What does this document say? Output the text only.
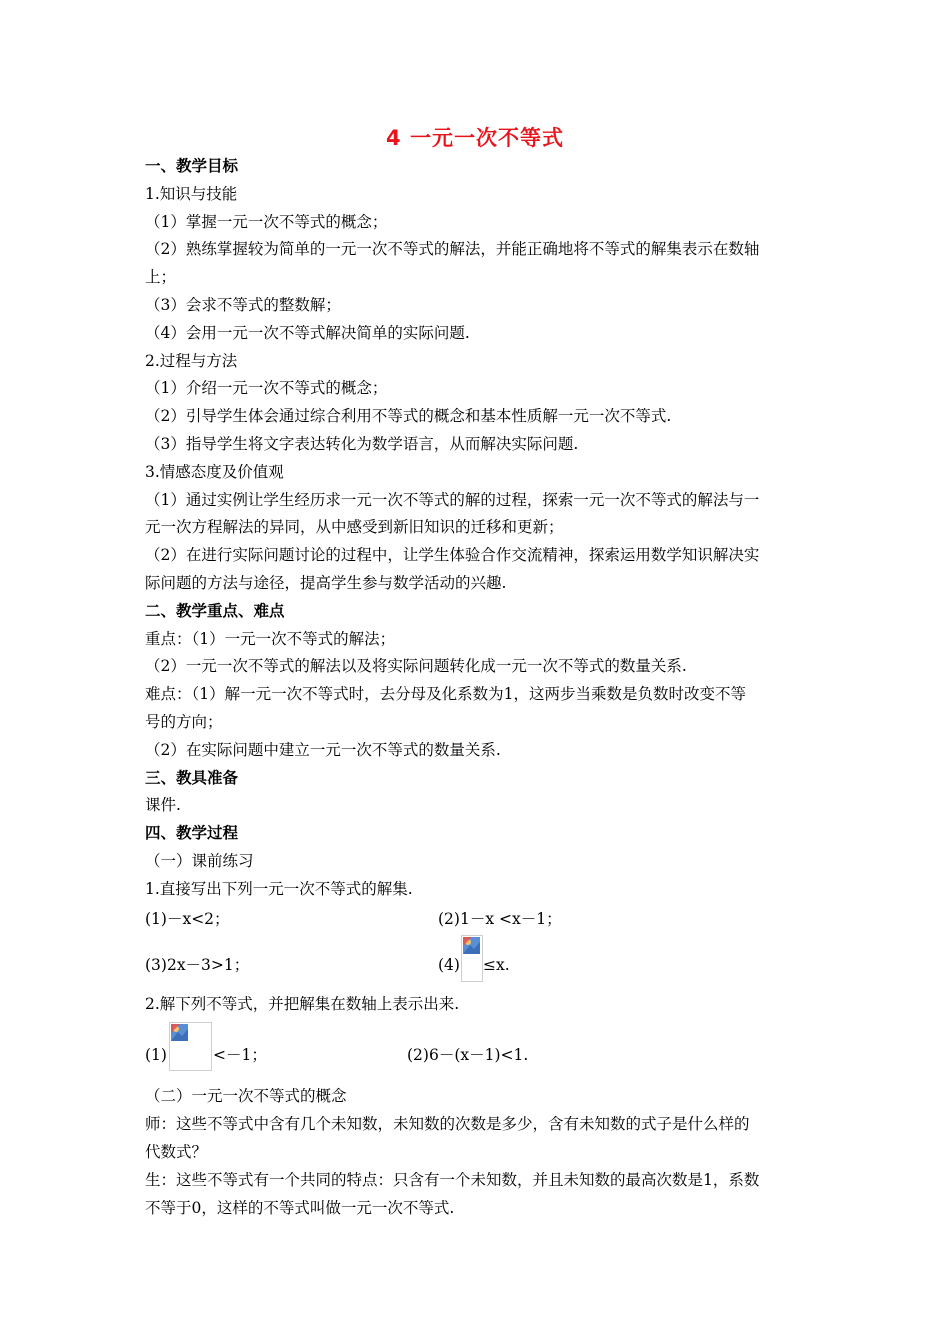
4 一元一次不等式

一、教学目标

1.知识与技能

（1）掌握一元一次不等式的概念；

（2）熟练掌握较为简单的一元一次不等式的解法，并能正确地将不等式的解集表示在数轴

上；

（3）会求不等式的整数解；

（4）会用一元一次不等式解决简单的实际问题.

2.过程与方法

（1）介绍一元一次不等式的概念；

（2）引导学生体会通过综合利用不等式的概念和基本性质解一元一次不等式.

（3）指导学生将文字表达转化为数学语言，从而解决实际问题.

3.情感态度及价值观

（1）通过实例让学生经历求一元一次不等式的解的过程，探索一元一次不等式的解法与一

元一次方程解法的异同，从中感受到新旧知识的迁移和更新；

（2）在进行实际问题讨论的过程中，让学生体验合作交流精神，探索运用数学知识解决实

际问题的方法与途径，提高学生参与数学活动的兴趣.

二、教学重点、难点

重点：（1）一元一次不等式的解法；

（2）一元一次不等式的解法以及将实际问题转化成一元一次不等式的数量关系.

难点：（1）解一元一次不等式时，去分母及化系数为1，这两步当乘数是负数时改变不等

号的方向；

（2）在实际问题中建立一元一次不等式的数量关系.

三、教具准备

课件.

四、教学过程

（一）课前练习

1.直接写出下列一元一次不等式的解集.

(1)－x<2；	(2)1－x <x－1；
(3)2x－3>1；	(4) ≤x.

2.解下列不等式，并把解集在数轴上表示出来.

(1)	<－1；	(2)6－(x－1)<1.

（二）一元一次不等式的概念

师：这些不等式中含有几个未知数，未知数的次数是多少，含有未知数的式子是什么样的

代数式？

生：这些不等式有一个共同的特点：只含有一个未知数，并且未知数的最高次数是1，系数

不等于0，这样的不等式叫做一元一次不等式.
